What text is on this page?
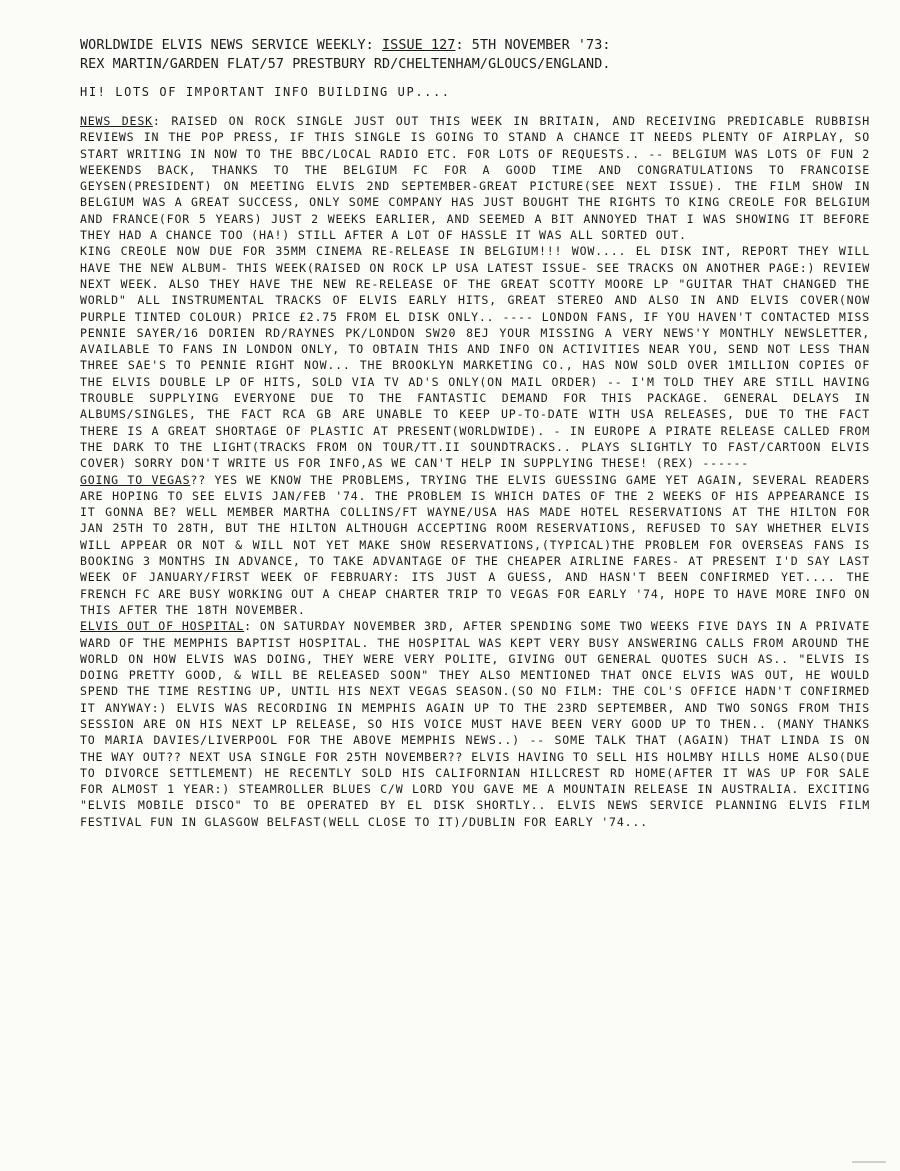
WORLDWIDE ELVIS NEWS SERVICE WEEKLY: ISSUE 127: 5TH NOVEMBER '73:
REX MARTIN/GARDEN FLAT/57 PRESTBURY RD/CHELTENHAM/GLOUCS/ENGLAND.
HI! LOTS OF IMPORTANT INFO BUILDING UP....
NEWS DESK: RAISED ON ROCK SINGLE JUST OUT THIS WEEK IN BRITAIN, AND RECEIVING PREDICABLE RUBBISH REVIEWS IN THE POP PRESS, IF THIS SINGLE IS GOING TO STAND A CHANCE IT NEEDS PLENTY OF AIRPLAY, SO START WRITING IN NOW TO THE BBC/LOCAL RADIO ETC. FOR LOTS OF REQUESTS.. -- BELGIUM WAS LOTS OF FUN 2 WEEKENDS BACK, THANKS TO THE BELGIUM FC FOR A GOOD TIME AND CONGRATULATIONS TO FRANCOISE GEYSEN(PRESIDENT) ON MEETING ELVIS 2ND SEPTEMBER-GREAT PICTURE(SEE NEXT ISSUE). THE FILM SHOW IN BELGIUM WAS A GREAT SUCCESS, ONLY SOME COMPANY HAS JUST BOUGHT THE RIGHTS TO KING CREOLE FOR BELGIUM AND FRANCE(FOR 5 YEARS) JUST 2 WEEKS EARLIER, AND SEEMED A BIT ANNOYED THAT I WAS SHOWING IT BEFORE THEY HAD A CHANCE TOO (HA!) STILL AFTER A LOT OF HASSLE IT WAS ALL SORTED OUT.
KING CREOLE NOW DUE FOR 35MM CINEMA RE-RELEASE IN BELGIUM!!! WOW.... EL DISK INT, REPORT THEY WILL HAVE THE NEW ALBUM- THIS WEEK(RAISED ON ROCK LP USA LATEST ISSUE- SEE TRACKS ON ANOTHER PAGE:) REVIEW NEXT WEEK. ALSO THEY HAVE THE NEW RE-RELEASE OF THE GREAT SCOTTY MOORE LP "GUITAR THAT CHANGED THE WORLD" ALL INSTRUMENTAL TRACKS OF ELVIS EARLY HITS, GREAT STEREO AND ALSO IN AND ELVIS COVER(NOW PURPLE TINTED COLOUR) PRICE £2.75 FROM EL DISK ONLY.. ---- LONDON FANS, IF YOU HAVEN'T CONTACTED MISS PENNIE SAYER/16 DORIEN RD/RAYNES PK/LONDON SW20 8EJ YOUR MISSING A VERY NEWS'Y MONTHLY NEWSLETTER, AVAILABLE TO FANS IN LONDON ONLY, TO OBTAIN THIS AND INFO ON ACTIVITIES NEAR YOU, SEND NOT LESS THAN THREE SAE'S TO PENNIE RIGHT NOW... THE BROOKLYN MARKETING CO., HAS NOW SOLD OVER 1MILLION COPIES OF THE ELVIS DOUBLE LP OF HITS, SOLD VIA TV AD'S ONLY(ON MAIL ORDER) -- I'M TOLD THEY ARE STILL HAVING TROUBLE SUPPLYING EVERYONE DUE TO THE FANTASTIC DEMAND FOR THIS PACKAGE. GENERAL DELAYS IN ALBUMS/SINGLES, THE FACT RCA GB ARE UNABLE TO KEEP UP-TO-DATE WITH USA RELEASES, DUE TO THE FACT THERE IS A GREAT SHORTAGE OF PLASTIC AT PRESENT(WORLDWIDE). - IN EUROPE A PIRATE RELEASE CALLED FROM THE DARK TO THE LIGHT(TRACKS FROM ON TOUR/TT.II SOUNDTRACKS.. PLAYS SLIGHTLY TO FAST/CARTOON ELVIS COVER) SORRY DON'T WRITE US FOR INFO,AS WE CAN'T HELP IN SUPPLYING THESE! (REX) ------
GOING TO VEGAS?? YES WE KNOW THE PROBLEMS, TRYING THE ELVIS GUESSING GAME YET AGAIN, SEVERAL READERS ARE HOPING TO SEE ELVIS JAN/FEB '74. THE PROBLEM IS WHICH DATES OF THE 2 WEEKS OF HIS APPEARANCE IS IT GONNA BE? WELL MEMBER MARTHA COLLINS/FT WAYNE/USA HAS MADE HOTEL RESERVATIONS AT THE HILTON FOR JAN 25TH TO 28TH, BUT THE HILTON ALTHOUGH ACCEPTING ROOM RESERVATIONS, REFUSED TO SAY WHETHER ELVIS WILL APPEAR OR NOT & WILL NOT YET MAKE SHOW RESERVATIONS,(TYPICAL)THE PROBLEM FOR OVERSEAS FANS IS BOOKING 3 MONTHS IN ADVANCE, TO TAKE ADVANTAGE OF THE CHEAPER AIRLINE FARES- AT PRESENT I'D SAY LAST WEEK OF JANUARY/FIRST WEEK OF FEBRUARY: ITS JUST A GUESS, AND HASN'T BEEN CONFIRMED YET.... THE FRENCH FC ARE BUSY WORKING OUT A CHEAP CHARTER TRIP TO VEGAS FOR EARLY '74, HOPE TO HAVE MORE INFO ON THIS AFTER THE 18TH NOVEMBER.
ELVIS OUT OF HOSPITAL: ON SATURDAY NOVEMBER 3RD, AFTER SPENDING SOME TWO WEEKS FIVE DAYS IN A PRIVATE WARD OF THE MEMPHIS BAPTIST HOSPITAL. THE HOSPITAL WAS KEPT VERY BUSY ANSWERING CALLS FROM AROUND THE WORLD ON HOW ELVIS WAS DOING, THEY WERE VERY POLITE, GIVING OUT GENERAL QUOTES SUCH AS.. "ELVIS IS DOING PRETTY GOOD, & WILL BE RELEASED SOON" THEY ALSO MENTIONED THAT ONCE ELVIS WAS OUT, HE WOULD SPEND THE TIME RESTING UP, UNTIL HIS NEXT VEGAS SEASON.(SO NO FILM: THE COL'S OFFICE HADN'T CONFIRMED IT ANYWAY:) ELVIS WAS RECORDING IN MEMPHIS AGAIN UP TO THE 23RD SEPTEMBER, AND TWO SONGS FROM THIS SESSION ARE ON HIS NEXT LP RELEASE, SO HIS VOICE MUST HAVE BEEN VERY GOOD UP TO THEN.. (MANY THANKS TO MARIA DAVIES/LIVERPOOL FOR THE ABOVE MEMPHIS NEWS..) -- SOME TALK THAT (AGAIN) THAT LINDA IS ON THE WAY OUT?? NEXT USA SINGLE FOR 25TH NOVEMBER?? ELVIS HAVING TO SELL HIS HOLMBY HILLS HOME ALSO(DUE TO DIVORCE SETTLEMENT) HE RECENTLY SOLD HIS CALIFORNIAN HILLCREST RD HOME(AFTER IT WAS UP FOR SALE FOR ALMOST 1 YEAR:) STEAMROLLER BLUES C/W LORD YOU GAVE ME A MOUNTAIN RELEASE IN AUSTRALIA. EXCITING "ELVIS MOBILE DISCO" TO BE OPERATED BY EL DISK SHORTLY.. ELVIS NEWS SERVICE PLANNING ELVIS FILM FESTIVAL FUN IN GLASGOW BELFAST(WELL CLOSE TO IT)/DUBLIN FOR EARLY '74...
